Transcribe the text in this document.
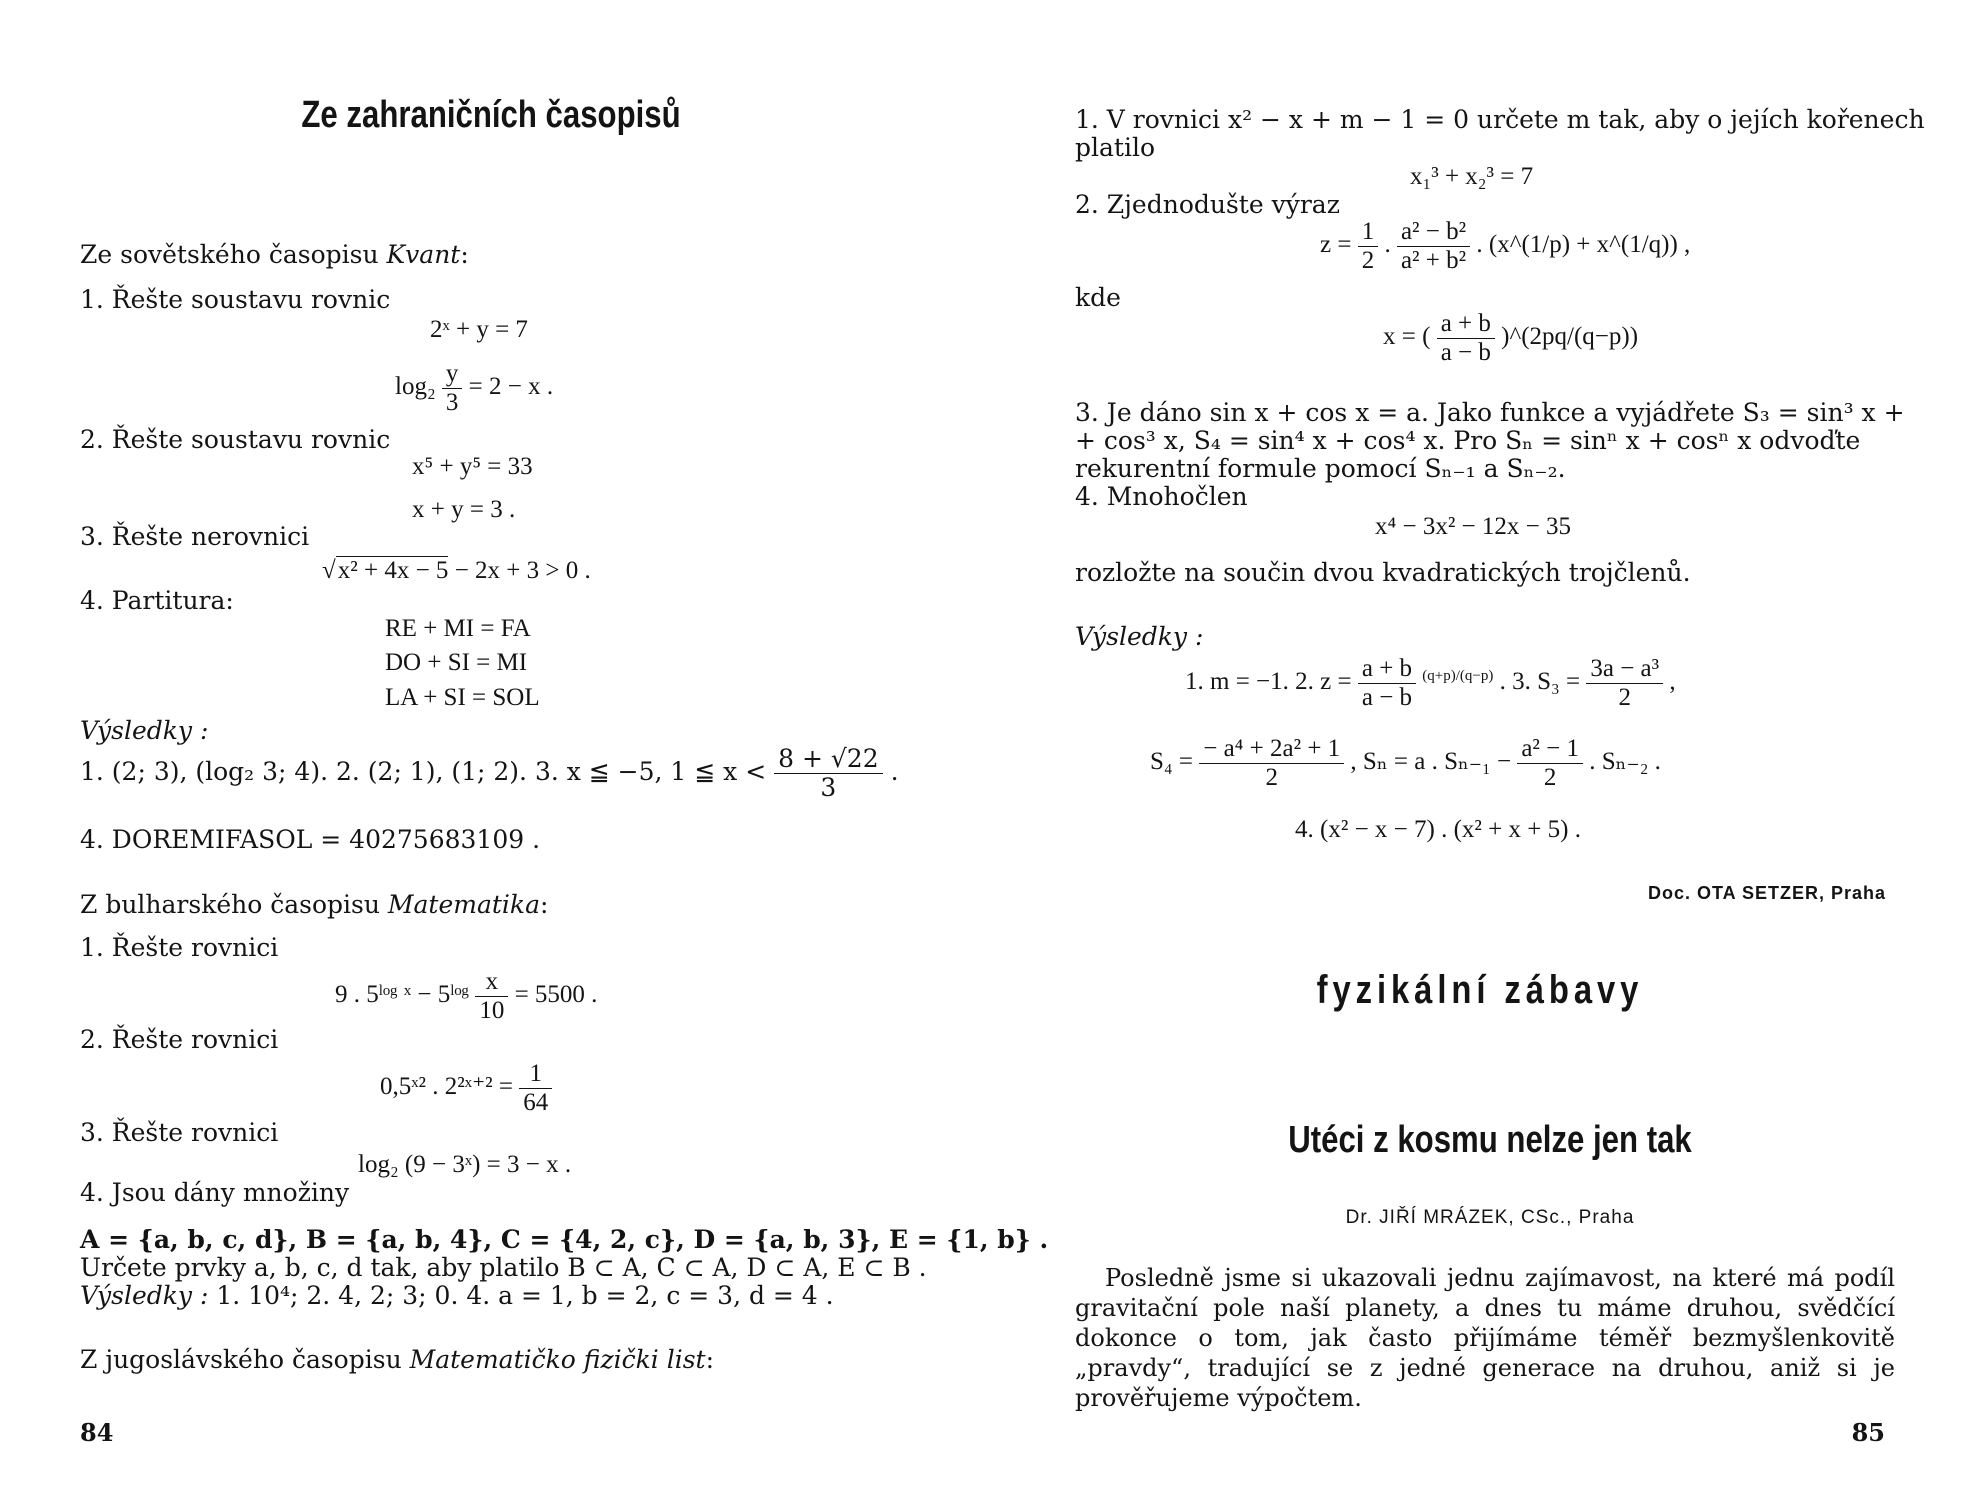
Ze zahraničních časopisů
Ze sovětského časopisu Kvant:
1. Řešte soustavu rovnic
2ˣ + y = 7
$\log_2 \frac{y}{3} = 2 - x$ .
2. Řešte soustavu rovnic
x⁵ + y⁵ = 33
x + y = 3 .
3. Řešte nerovnici
√x² + 4x − 5 − 2x + 3 > 0 .
4. Partitura:
RE + MI = FA
DO + SI = MI
LA + SI = SOL
Výsledky :
1. (2; 3), (log₂ 3; 4). 2. (2; 1), (1; 2). 3. x ≦ −5, 1 ≦ $x < \frac{8 + √22}{3}$ .
4. DOREMIFASOL = 40275683109 .
Z bulharského časopisu Matematika:
1. Řešte rovnici
9 . 5ˡᵒᵍ ˣ − 5ˡᵒᵍ $\frac{x}{10} = 5500$ .
2. Řešte rovnici
0,5ˣ² . 2²ˣ⁺² = $\frac{1}{64}$
3. Řešte rovnici
log₂ (9 − 3ˣ) = 3 − x .
4. Jsou dány množiny
A = {a, b, c, d}, B = {a, b, 4}, C = {4, 2, c}, D = {a, b, 3}, E = {1, b} .
Určete prvky a, b, c, d tak, aby platilo B ⊂ A, C ⊂ A, D ⊂ A, E ⊂ B .
Výsledky : 1. 10⁴; 2. 4, 2; 3; 0. 4. a = 1, b = 2, c = 3, d = 4 .
Z jugoslávského časopisu Matematičko fizički list:
84
1. V rovnici x² − x + m − 1 = 0 určete m tak, aby o jejích kořenech
platilo
x₁³ + x₂³ = 7
2. Zjednodušte výraz
$z = \frac{1}{2}$ . $\frac{\text{a² − b²}}{\text{a² + b²}}$ . (x^(1/p) + x^(1/q)) ,
kde
x = ( $\frac{a + b}{a - b}$ )^(2pq/(q−p))
3. Je dáno sin x + cos x = a. Jako funkce a vyjádřete S₃ = sin³ x +
+ cos³ x, S₄ = sin⁴ x + cos⁴ x. Pro Sₙ = sinⁿ x + cosⁿ x odvoďte
rekurentní formule pomocí Sₙ₋₁ a Sₙ₋₂.
4. Mnohočlen
x⁴ − 3x² − 12x − 35
rozložte na součin dvou kvadratických trojčlenů.
Výsledky :
1. m = −1. 2. $z = \frac{a + b}{a - b} ^{(q+p)/(q-p)}$ . 3. $S_3 = \frac{\text{3a − a³}}{2}$ ,
$S_4 = \frac{\text{− a⁴ + 2a² + 1}}{2}$ , Sₙ = a . $S_{n-1} - \frac{\text{a² − 1}}{2}$ . Sₙ₋₂ .
4. (x² − x − 7) . (x² + x + 5) .
Doc. OTA SETZER, Praha
fyzikální zábavy
Utéci z kosmu nelze jen tak
Dr. JIŘÍ MRÁZEK, CSc., Praha
Posledně jsme si ukazovali jednu zajímavost, na které má podíl gravitační pole naší planety, a dnes tu máme druhou, svědčící dokonce o tom, jak často přijímáme téměř bezmyšlenkovitě „pravdy“, tradující se z jedné generace na druhou, aniž si je prověřujeme výpočtem.
85
